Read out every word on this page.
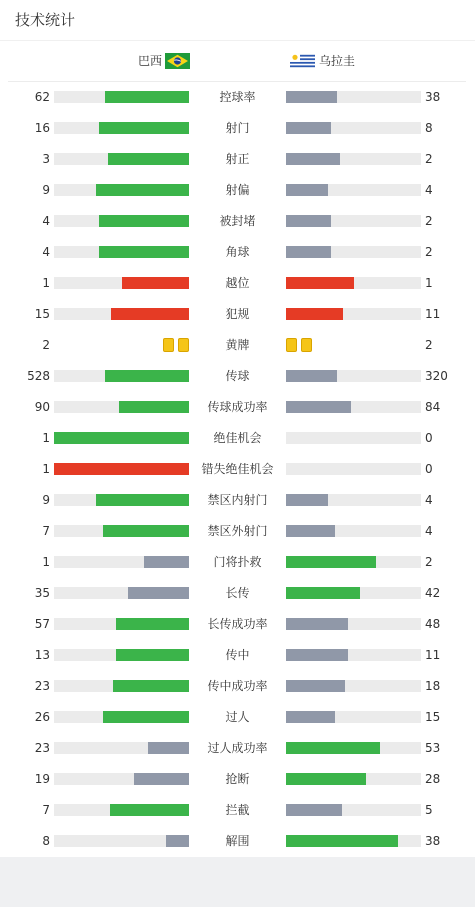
技术统计
巴西	乌拉圭
62	控球率	38
16	射门	8
3	射正	2
9	射偏	4
4	被封堵	2
4	角球	2
1	越位	1
15	犯规	11
2	黄牌	2
528	传球	320
90	传球成功率	84
1	绝佳机会	0
1	错失绝佳机会	0
9	禁区内射门	4
7	禁区外射门	4
1	门将扑救	2
35	长传	42
57	长传成功率	48
13	传中	11
23	传中成功率	18
26	过人	15
23	过人成功率	53
19	抢断	28
7	拦截	5
8	解围	38
